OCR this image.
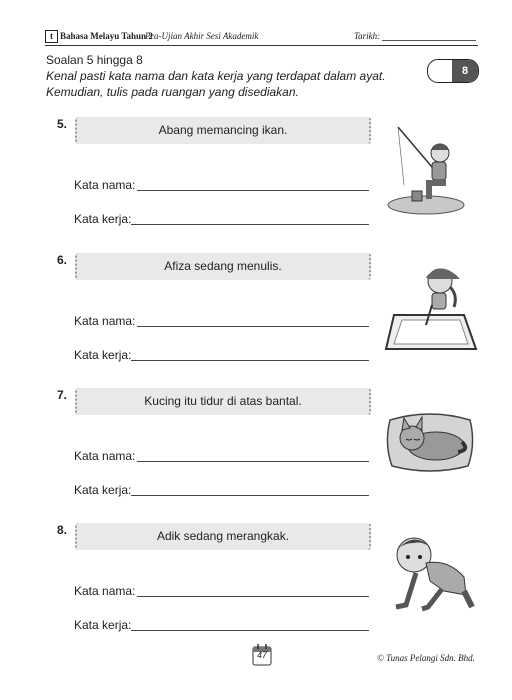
t Bahasa Melayu Tahun 2
Pra-Ujian Akhir Sesi Akademik	Tarikh:
Soalan 5 hingga 8
Kenal pasti kata nama dan kata kerja yang terdapat dalam ayat.
Kemudian, tulis pada ruangan yang disediakan.
8
5.	Abang memancing ikan.
Kata nama:
Kata kerja:
6.	Afiza sedang menulis.
Kata nama:
Kata kerja:
7.	Kucing itu tidur di atas bantal.
Kata nama:
Kata kerja:
8.	Adik sedang merangkak.
Kata nama:
Kata kerja:
47	© Tunas Pelangi Sdn. Bhd.
